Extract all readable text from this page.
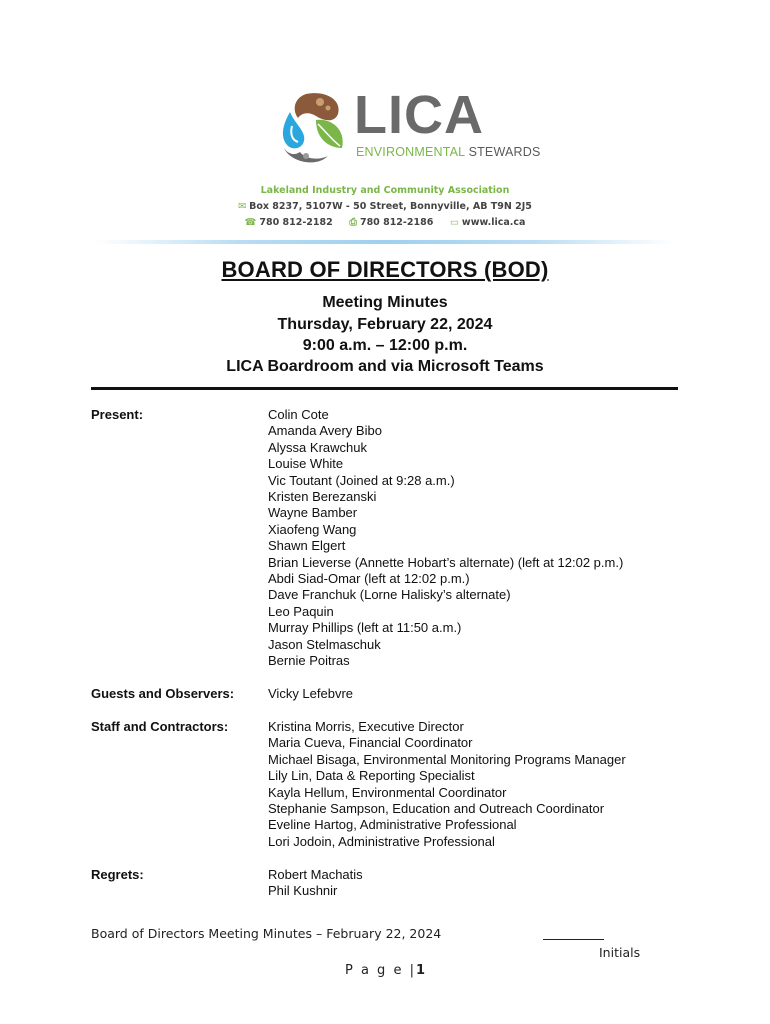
LICA
ENVIRONMENTAL STEWARDS
Lakeland Industry and Community Association
✉ Box 8237, 5107W - 50 Street, Bonnyville, AB T9N 2J5
☎ 780 812-2182 ⎙ 780 812-2186 ▭ www.lica.ca
BOARD OF DIRECTORS (BOD)
Meeting Minutes
Thursday, February 22, 2024
9:00 a.m. – 12:00 p.m.
LICA Boardroom and via Microsoft Teams
Present:	Colin Cote
Amanda Avery Bibo
Alyssa Krawchuk
Louise White
Vic Toutant (Joined at 9:28 a.m.)
Kristen Berezanski
Wayne Bamber
Xiaofeng Wang
Shawn Elgert
Brian Lieverse (Annette Hobart’s alternate) (left at 12:02 p.m.)
Abdi Siad-Omar (left at 12:02 p.m.)
Dave Franchuk (Lorne Halisky’s alternate)
Leo Paquin
Murray Phillips (left at 11:50 a.m.)
Jason Stelmaschuk
Bernie Poitras
Guests and Observers:	Vicky Lefebvre
Staff and Contractors:	Kristina Morris, Executive Director
Maria Cueva, Financial Coordinator
Michael Bisaga, Environmental Monitoring Programs Manager
Lily Lin, Data & Reporting Specialist
Kayla Hellum, Environmental Coordinator
Stephanie Sampson, Education and Outreach Coordinator
Eveline Hartog, Administrative Professional
Lori Jodoin, Administrative Professional
Regrets:	Robert Machatis
Phil Kushnir
Board of Directors Meeting Minutes – February 22, 2024
Initials
P a g e |1
